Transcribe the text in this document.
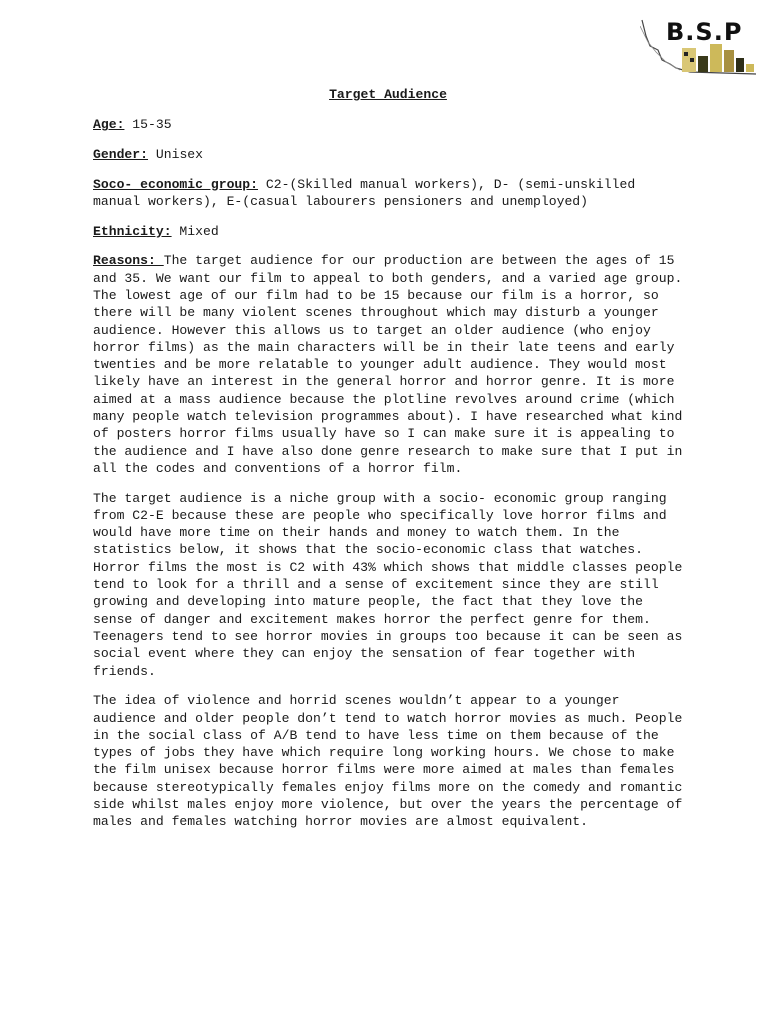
B.S.P
Target Audience

Age: 15-35

Gender: Unisex

Soco- economic group: C2-(Skilled manual workers), D- (semi-unskilled manual workers), E-(casual labourers pensioners and unemployed)

Ethnicity: Mixed

Reasons: The target audience for our production are between the ages of 15 and 35. We want our film to appeal to both genders, and a varied age group. The lowest age of our film had to be 15 because our film is a horror, so there will be many violent scenes throughout which may disturb a younger audience. However this allows us to target an older audience (who enjoy horror films) as the main characters will be in their late teens and early twenties and be more relatable to younger adult audience. They would most likely have an interest in the general horror and horror genre. It is more aimed at a mass audience because the plotline revolves around crime (which many people watch television programmes about). I have researched what kind of posters horror films usually have so I can make sure it is appealing to the audience and I have also done genre research to make sure that I put in all the codes and conventions of a horror film.

The target audience is a niche group with a socio- economic group ranging from C2-E because these are people who specifically love horror films and would have more time on their hands and money to watch them. In the statistics below, it shows that the socio-economic class that watches. Horror films the most is C2 with 43% which shows that middle classes people tend to look for a thrill and a sense of excitement since they are still growing and developing into mature people, the fact that they love the sense of danger and excitement makes horror the perfect genre for them. Teenagers tend to see horror movies in groups too because it can be seen as social event where they can enjoy the sensation of fear together with friends.

The idea of violence and horrid scenes wouldn’t appear to a younger audience and older people don’t tend to watch horror movies as much. People in the social class of A/B tend to have less time on them because of the types of jobs they have which require long working hours. We chose to make the film unisex because horror films were more aimed at males than females because stereotypically females enjoy films more on the comedy and romantic side whilst males enjoy more violence, but over the years the percentage of males and females watching horror movies are almost equivalent.
